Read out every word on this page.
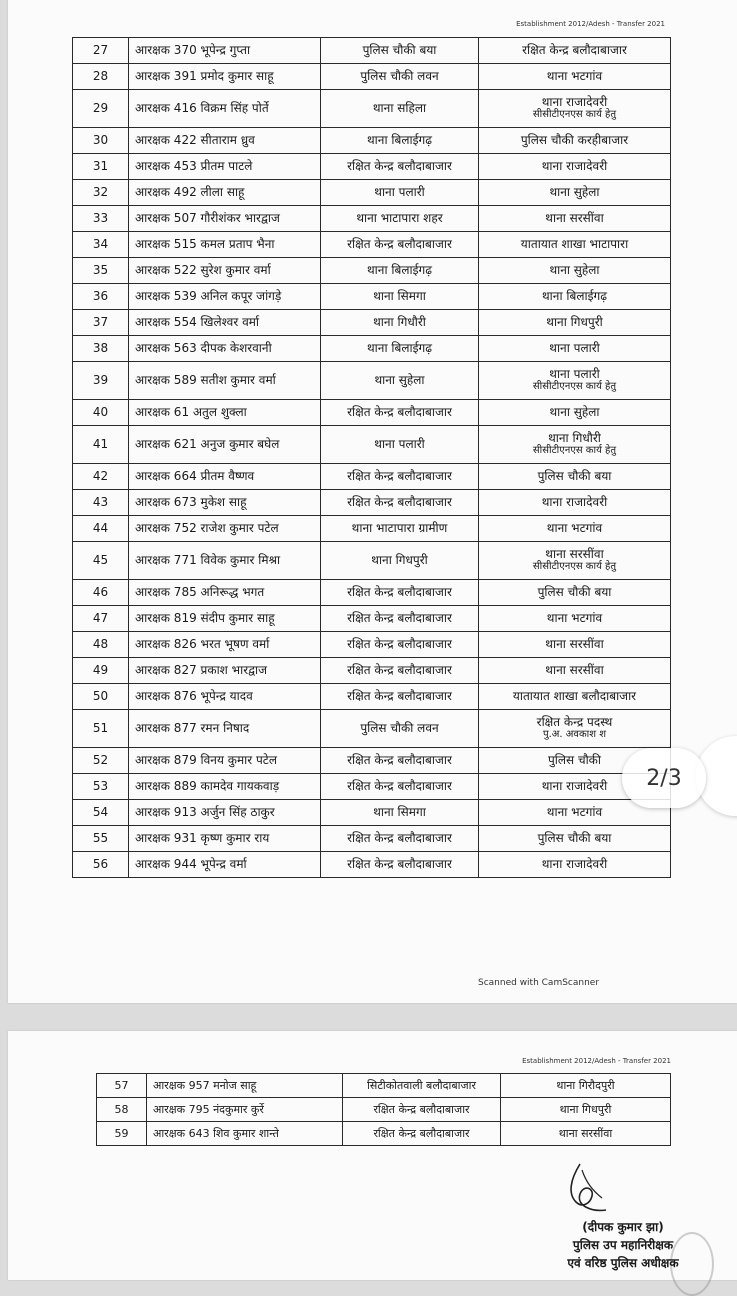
Establishment 2012/Adesh - Transfer 2021
Scanned with CamScanner
27	आरक्षक 370 भूपेन्द्र गुप्ता	पुलिस चौकी बया	रक्षित केन्द्र बलौदाबाजार
28	आरक्षक 391 प्रमोद कुमार साहू	पुलिस चौकी लवन	थाना भटगांव
29	आरक्षक 416 विक्रम सिंह पोर्ते	थाना सहिला	थाना राजादेवरी
सीसीटीएनएस कार्य हेतु

30	आरक्षक 422 सीताराम ध्रुव	थाना बिलाईगढ़	पुलिस चौकी करहीबाजार
31	आरक्षक 453 प्रीतम पाटले	रक्षित केन्द्र बलौदाबाजार	थाना राजादेवरी
32	आरक्षक 492 लीला साहू	थाना पलारी	थाना सुहेला
33	आरक्षक 507 गौरीशंकर भारद्वाज	थाना भाटापारा शहर	थाना सरसींवा
34	आरक्षक 515 कमल प्रताप भैना	रक्षित केन्द्र बलौदाबाजार	यातायात शाखा भाटापारा
35	आरक्षक 522 सुरेश कुमार वर्मा	थाना बिलाईगढ़	थाना सुहेला
36	आरक्षक 539 अनिल कपूर जांगड़े	थाना सिमगा	थाना बिलाईगढ़
37	आरक्षक 554 खिलेश्वर वर्मा	थाना गिधौरी	थाना गिधपुरी
38	आरक्षक 563 दीपक केशरवानी	थाना बिलाईगढ़	थाना पलारी
39	आरक्षक 589 सतीश कुमार वर्मा	थाना सुहेला	थाना पलारी
सीसीटीएनएस कार्य हेतु

40	आरक्षक 61 अतुल शुक्ला	रक्षित केन्द्र बलौदाबाजार	थाना सुहेला
41	आरक्षक 621 अनुज कुमार बघेल	थाना पलारी	थाना गिधौरी
सीसीटीएनएस कार्य हेतु

42	आरक्षक 664 प्रीतम वैष्णव	रक्षित केन्द्र बलौदाबाजार	पुलिस चौकी बया
43	आरक्षक 673 मुकेश साहू	रक्षित केन्द्र बलौदाबाजार	थाना राजादेवरी
44	आरक्षक 752 राजेश कुमार पटेल	थाना भाटापारा ग्रामीण	थाना भटगांव
45	आरक्षक 771 विवेक कुमार मिश्रा	थाना गिधपुरी	थाना सरसींवा
सीसीटीएनएस कार्य हेतु

46	आरक्षक 785 अनिरूद्ध भगत	रक्षित केन्द्र बलौदाबाजार	पुलिस चौकी बया
47	आरक्षक 819 संदीप कुमार साहू	रक्षित केन्द्र बलौदाबाजार	थाना भटगांव
48	आरक्षक 826 भरत भूषण वर्मा	रक्षित केन्द्र बलौदाबाजार	थाना सरसींवा
49	आरक्षक 827 प्रकाश भारद्वाज	रक्षित केन्द्र बलौदाबाजार	थाना सरसींवा
50	आरक्षक 876 भूपेन्द्र यादव	रक्षित केन्द्र बलौदाबाजार	यातायात शाखा बलौदाबाजार
51	आरक्षक 877 रमन निषाद	पुलिस चौकी लवन	रक्षित केन्द्र पदस्थ
पु.अ. अवकाश श

52	आरक्षक 879 विनय कुमार पटेल	रक्षित केन्द्र बलौदाबाजार	पुलिस चौकी
53	आरक्षक 889 कामदेव गायकवाड़	रक्षित केन्द्र बलौदाबाजार	थाना राजादेवरी
54	आरक्षक 913 अर्जुन सिंह ठाकुर	थाना सिमगा	थाना भटगांव
55	आरक्षक 931 कृष्ण कुमार राय	रक्षित केन्द्र बलौदाबाजार	पुलिस चौकी बया
56	आरक्षक 944 भूपेन्द्र वर्मा	रक्षित केन्द्र बलौदाबाजार	थाना राजादेवरी
Establishment 2012/Adesh - Transfer 2021
57	आरक्षक 957 मनोज साहू	सिटीकोतवाली बलौदाबाजार	थाना गिरौदपुरी
58	आरक्षक 795 नंदकुमार कुर्रे	रक्षित केन्द्र बलौदाबाजार	थाना गिधपुरी
59	आरक्षक 643 शिव कुमार शान्ते	रक्षित केन्द्र बलौदाबाजार	थाना सरसींवा
(दीपक कुमार झा)
पुलिस उप महानिरीक्षक
एवं वरिष्ठ पुलिस अधीक्षक
2/3
